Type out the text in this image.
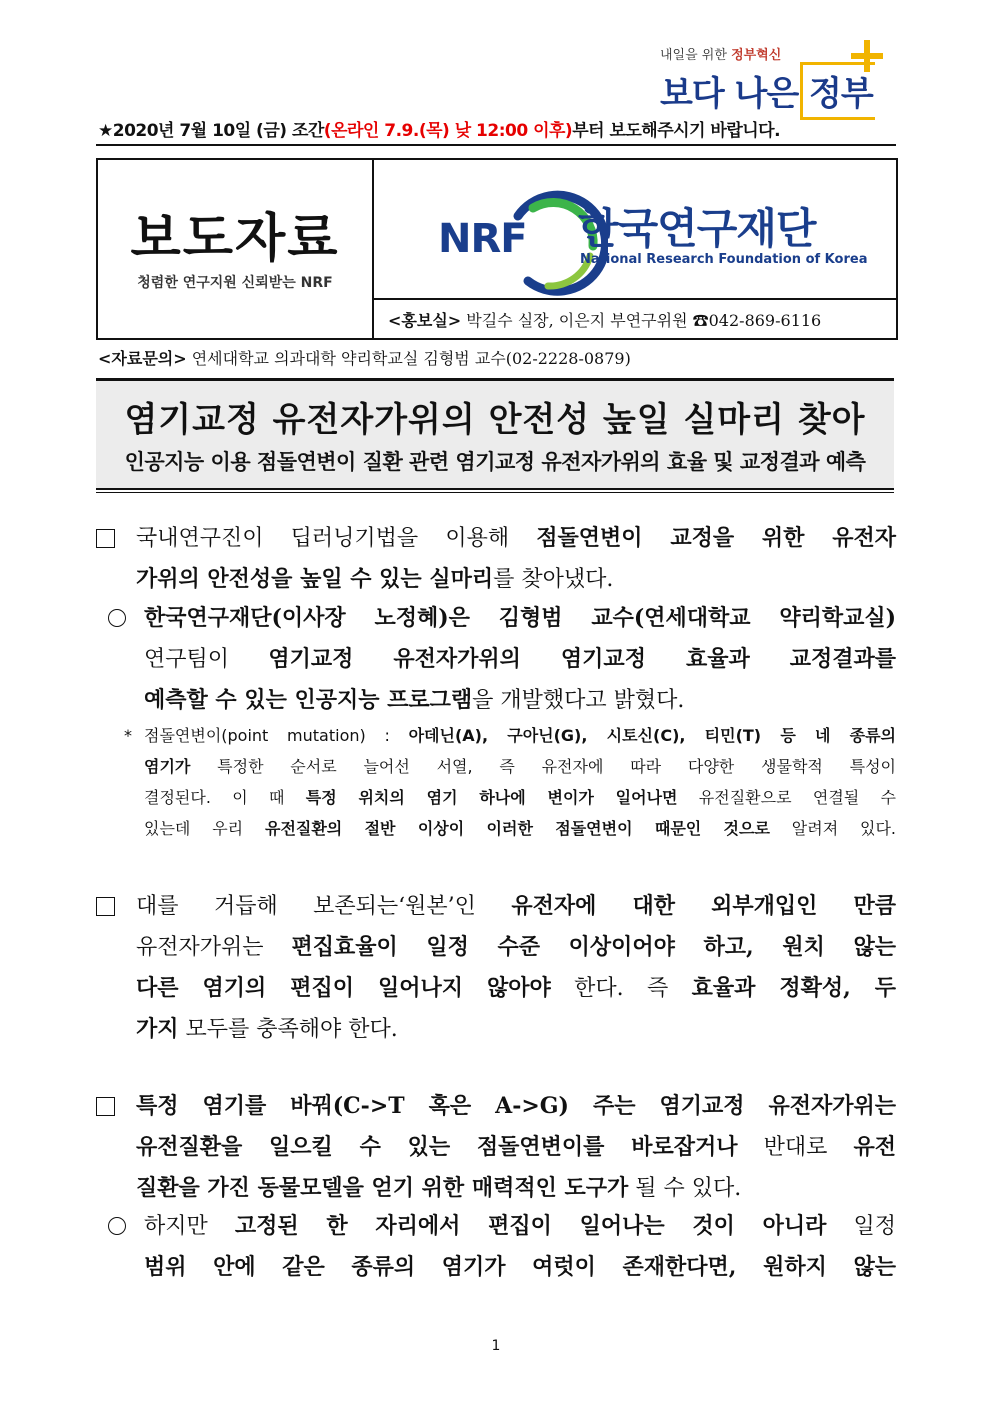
내일을 위한 정부혁신
보다 나은 정부
★2020년 7월 10일 (금) 조간(온라인 7.9.(목) 낮 12:00 이후)부터 보도해주시기 바랍니다.
보도자료
청렴한 연구지원 신뢰받는 NRF
NRF 한국연구재단
National Research Foundation of Korea
<홍보실> 박길수 실장, 이은지 부연구위원 ☎042-869-6116
<자료문의> 연세대학교 의과대학 약리학교실 김형범 교수(02-2228-0879)
염기교정 유전자가위의 안전성 높일 실마리 찾아
인공지능 이용 점돌연변이 질환 관련 염기교정 유전자가위의 효율 및 교정결과 예측
국내연구진이 딥러닝기법을 이용해 점돌연변이 교정을 위한 유전자
가위의 안전성을 높일 수 있는 실마리를 찾아냈다.
한국연구재단(이사장 노정혜)은 김형범 교수(연세대학교 약리학교실)
연구팀이 염기교정 유전자가위의 염기교정 효율과 교정결과를
예측할 수 있는 인공지능 프로그램을 개발했다고 밝혔다.
* 점돌연변이(point mutation) : 아데닌(A), 구아닌(G), 시토신(C), 티민(T) 등 네 종류의
염기가 특정한 순서로 늘어선 서열, 즉 유전자에 따라 다양한 생물학적 특성이
결정된다. 이 때 특정 위치의 염기 하나에 변이가 일어나면 유전질환으로 연결될 수
있는데 우리 유전질환의 절반 이상이 이러한 점돌연변이 때문인 것으로 알려져 있다.
대를 거듭해 보존되는‘원본’인 유전자에 대한 외부개입인 만큼
유전자가위는 편집효율이 일정 수준 이상이어야 하고, 원치 않는
다른 염기의 편집이 일어나지 않아야 한다. 즉 효율과 정확성, 두
가지 모두를 충족해야 한다.
특정 염기를 바꿔(C->T 혹은 A->G) 주는 염기교정 유전자가위는
유전질환을 일으킬 수 있는 점돌연변이를 바로잡거나 반대로 유전
질환을 가진 동물모델을 얻기 위한 매력적인 도구가 될 수 있다.
하지만 고정된 한 자리에서 편집이 일어나는 것이 아니라 일정
범위 안에 같은 종류의 염기가 여럿이 존재한다면, 원하지 않는
1
